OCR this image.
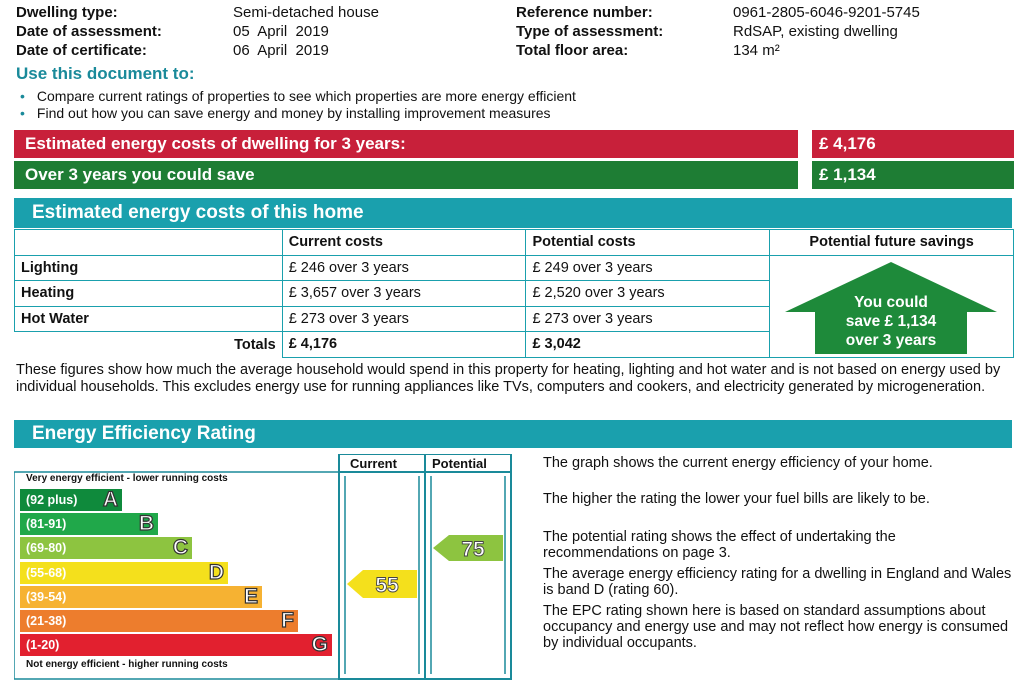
Dwelling type:	Semi-detached house
Date of assessment:	05  April  2019
Date of certificate:	06  April  2019
Reference number:	0961-2805-6046-9201-5745
Type of assessment:	RdSAP, existing dwelling
Total floor area:	134 m²
Use this document to:
• Compare current ratings of properties to see which properties are more energy efficient
• Find out how you can save energy and money by installing improvement measures
Estimated energy costs of dwelling for 3 years:	£ 4,176
Over 3 years you could save	£ 1,134
Estimated energy costs of this home
	Current costs	Potential costs	Potential future savings
Lighting	£ 246 over 3 years	£ 249 over 3 years	
Heating	£ 3,657 over 3 years	£ 2,520 over 3 years	
Hot Water	£ 273 over 3 years	£ 273 over 3 years	
Totals	£ 4,176	£ 3,042	
You could
save £ 1,134
over 3 years
These figures show how much the average household would spend in this property for heating, lighting and hot water and is not based on energy used by individual households. This excludes energy use for running appliances like TVs, computers and cookers, and electricity generated by microgeneration.
Energy Efficiency Rating
Current	Potential
Very energy efficient - lower running costs
Not energy efficient - higher running costs
(92 plus) A
(81-91)	B
(69-80)	C
(55-68)	D
(39-54)	E
(21-38)	F
(1-20)	G
55
75
The graph shows the current energy efficiency of your home.
The higher the rating the lower your fuel bills are likely to be.
The potential rating shows the effect of undertaking the recommendations on page 3.
The average energy efficiency rating for a dwelling in England and Wales is band D (rating 60).
The EPC rating shown here is based on standard assumptions about occupancy and energy use and may not reflect how energy is consumed by individual occupants.
